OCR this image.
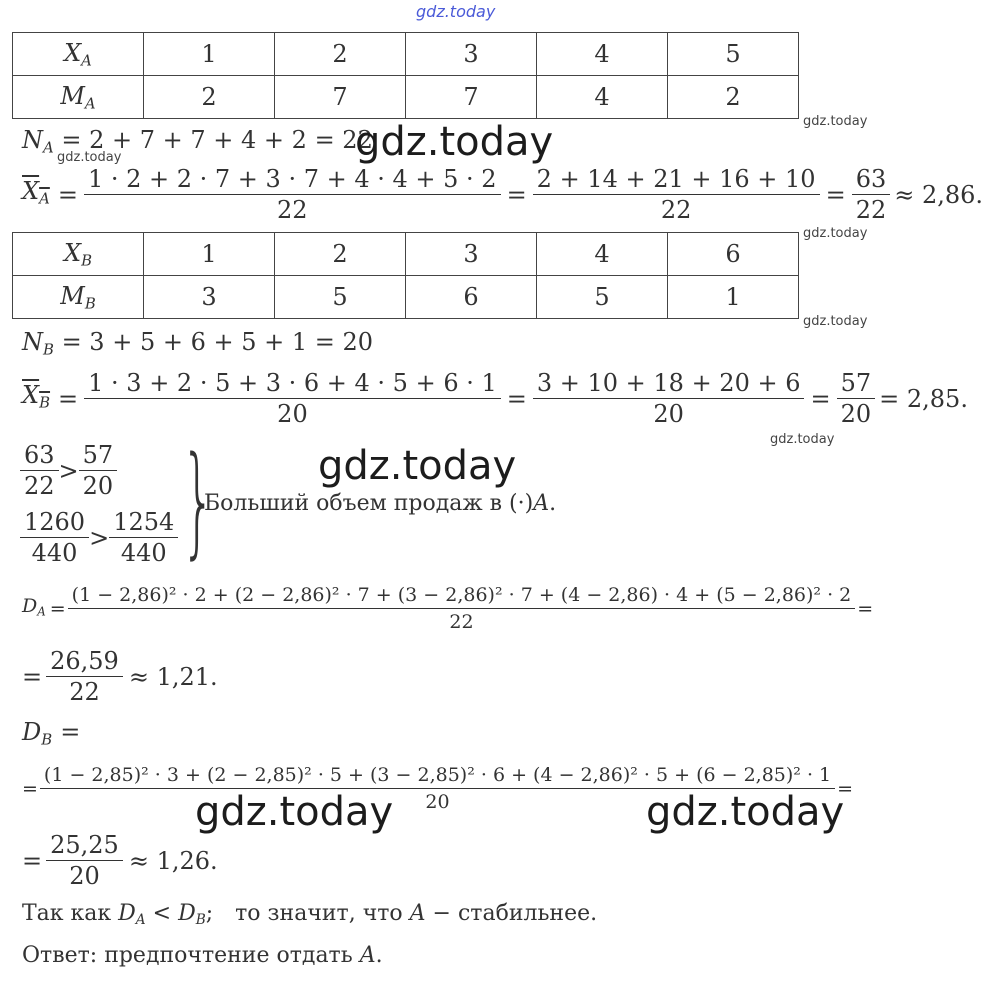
gdz.today
$X_A$	1	2	3	4	5
$M_A$	2	7	7	4	2
gdz.today
$N_A = 2 + 7 + 7 + 4 + 2 = 22$
gdz.today
gdz.today
$X_A = \frac{1 \cdot 2 + 2 \cdot 7 + 3 \cdot 7 + 4 \cdot 4 + 5 \cdot 2}{22} = \frac{2 + 14 + 21 + 16 + 10}{22} = \frac{63}{22} \approx 2,86$.
gdz.today
$X_B$	1	2	3	4	6
$M_B$	3	5	6	5	1
gdz.today
$N_B = 3 + 5 + 6 + 5 + 1 = 20$
$X_B = \frac{1 \cdot 3 + 2 \cdot 5 + 3 \cdot 6 + 4 \cdot 5 + 6 \cdot 1}{20} = \frac{3 + 10 + 18 + 20 + 6}{20} = \frac{57}{20} = 2,85$.
gdz.today
$\frac{63}{22} > \frac{57}{20}$
$\frac{1260}{440} > \frac{1254}{440}$ }
Больший объем продаж в (·)A.
gdz.today
$D_A$ =
(1 − 2,86)² · 2 + (2 − 2,86)² · 7 + (3 − 2,86)² · 7 + (4 − 2,86) · 4 + (5 − 2,86)² · 2
22
=
= $\frac{26,59}{22} \approx 1,21$.
$D_B$ =
=
(1 − 2,85)² · 3 + (2 − 2,85)² · 5 + (3 − 2,85)² · 6 + (4 − 2,86)² · 5 + (6 − 2,85)² · 1
20
=
gdz.today	gdz.today
= $\frac{25,25}{20} \approx 1,26$.
Так как $D_A < D_B$; то значит, что A − стабильнее.
Ответ: предпочтение отдать A.
